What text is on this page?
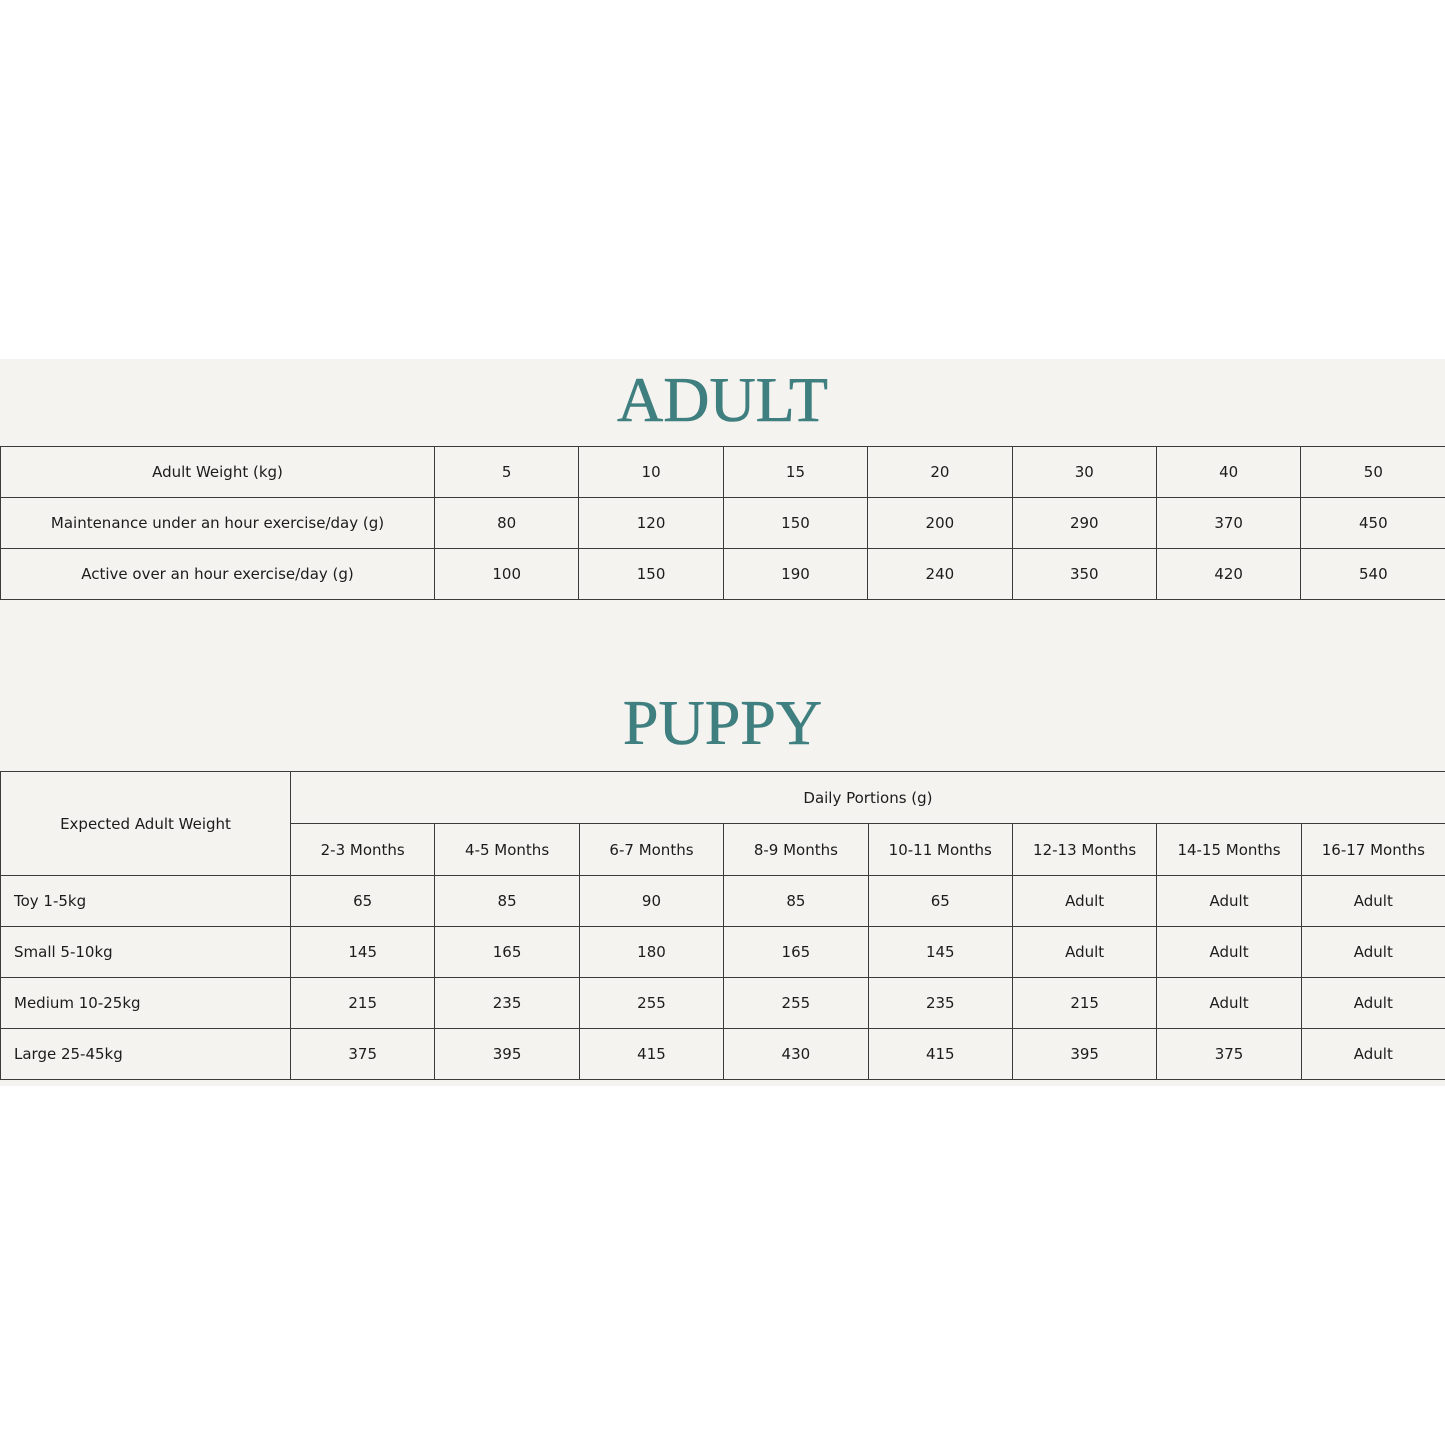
ADULT
Adult Weight (kg)	5	10	15	20	30	40	50
Maintenance under an hour exercise/day (g)	80	120	150	200	290	370	450
Active over an hour exercise/day (g)	100	150	190	240	350	420	540
PUPPY
Expected Adult Weight	Daily Portions (g)							
	2-3 Months	4-5 Months	6-7 Months	8-9 Months	10-11 Months	12-13 Months	14-15 Months	16-17 Months
Toy 1-5kg	65	85	90	85	65	Adult	Adult	Adult
Small 5-10kg	145	165	180	165	145	Adult	Adult	Adult
Medium 10-25kg	215	235	255	255	235	215	Adult	Adult
Large 25-45kg	375	395	415	430	415	395	375	Adult
